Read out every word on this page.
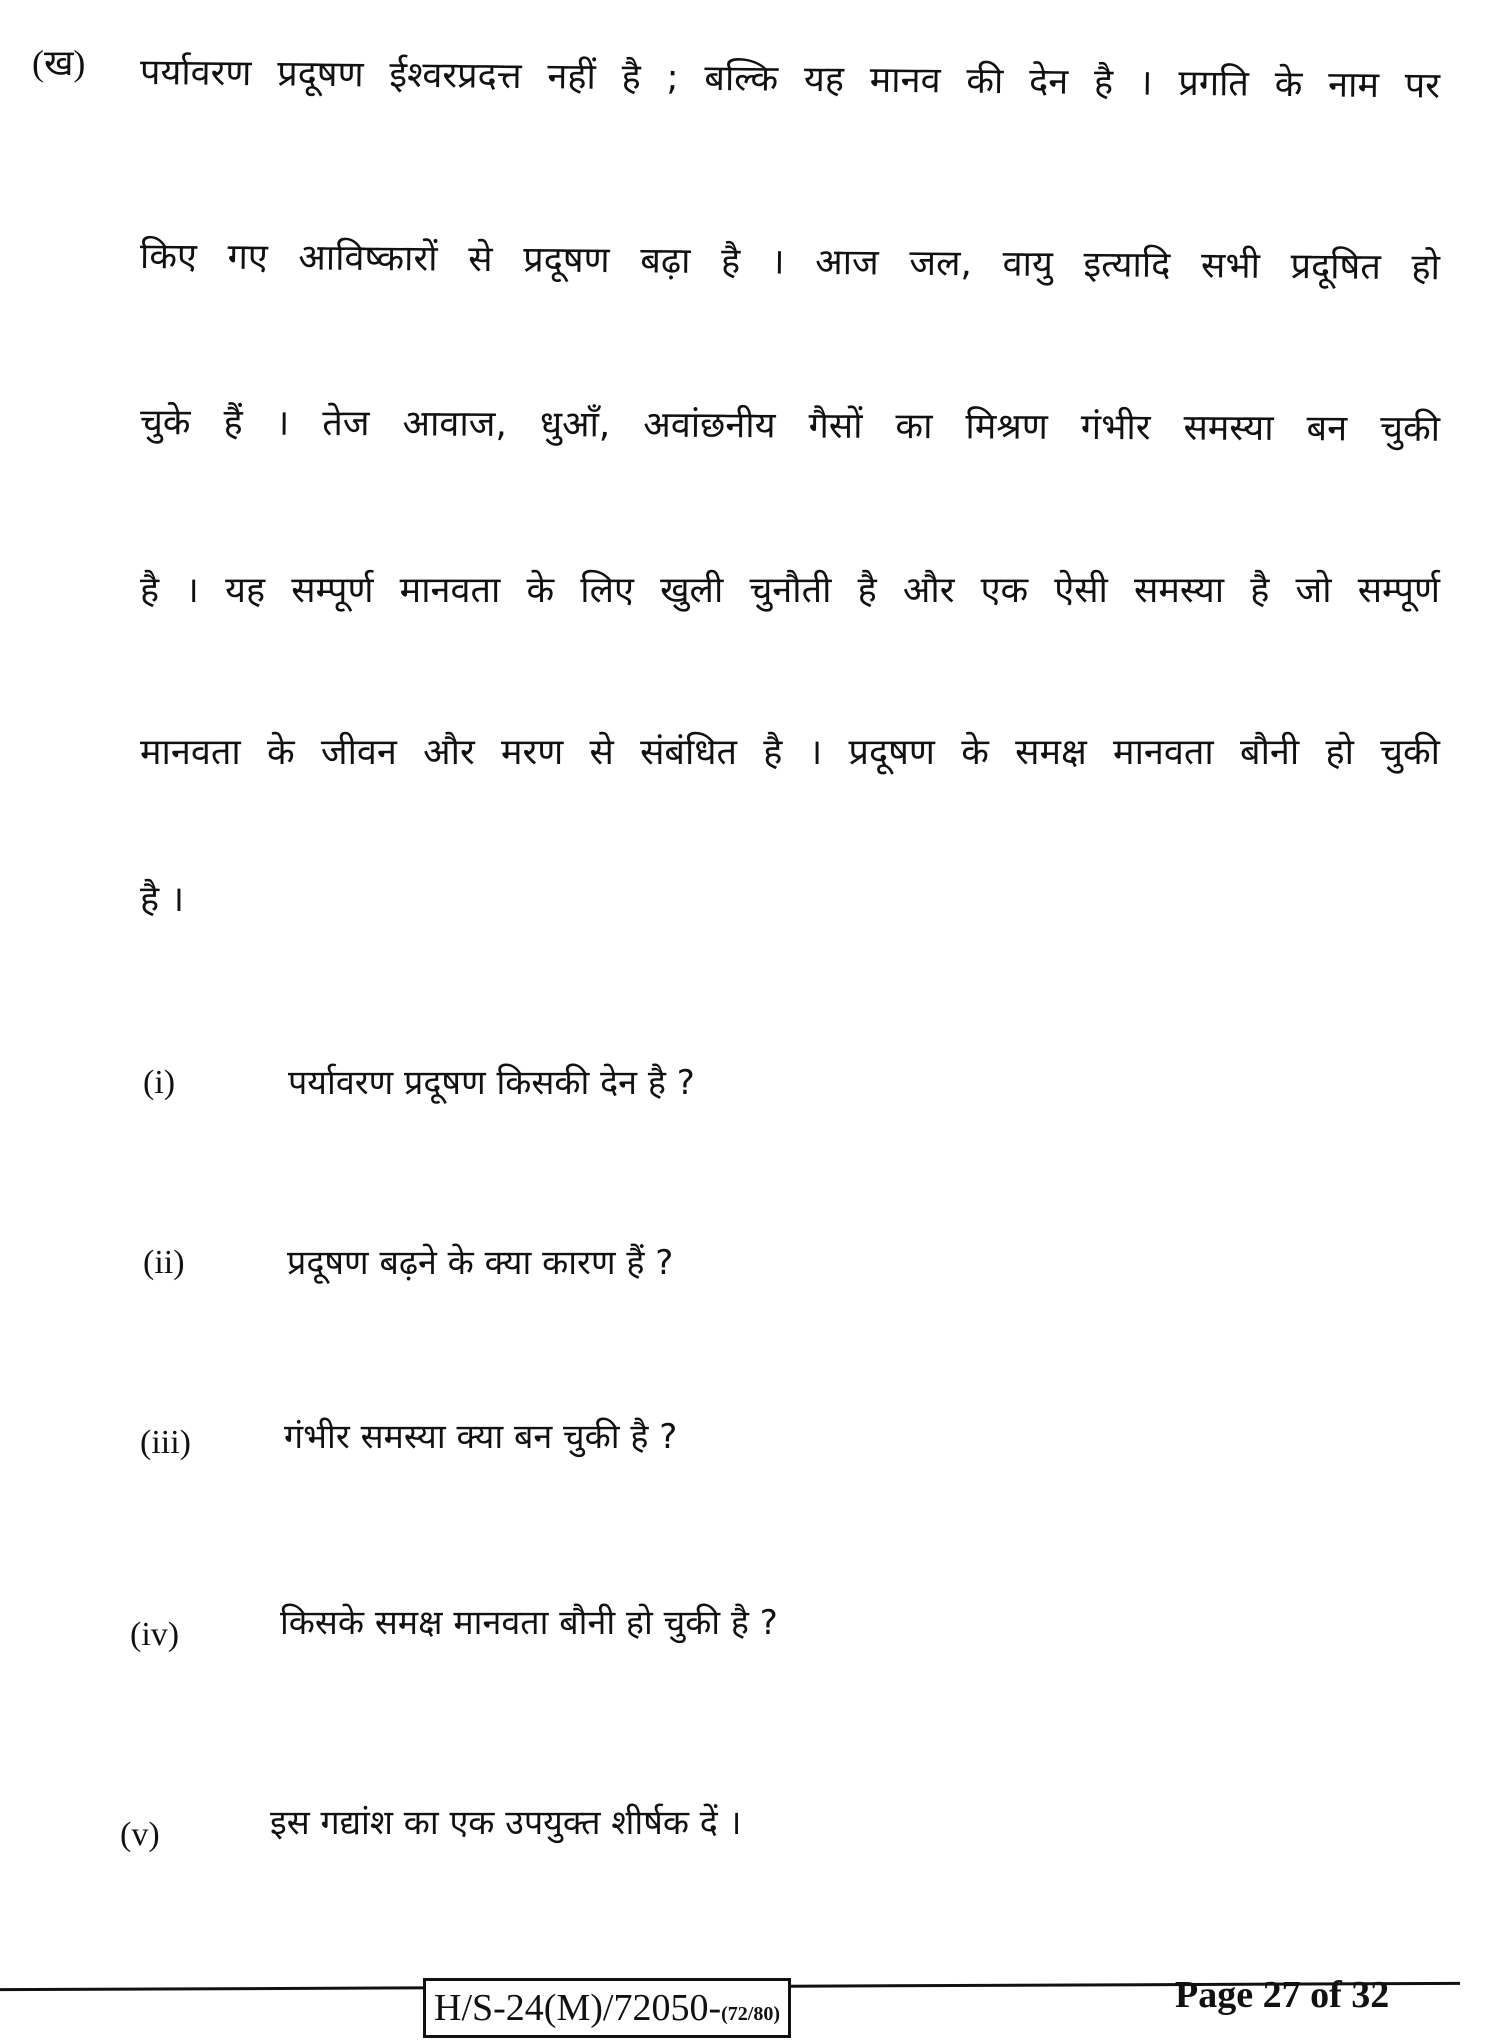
(ख) पर्यावरण प्रदूषण ईश्वरप्रदत्त नहीं है ; बल्कि यह मानव की देन है । प्रगति के नाम पर
किए गए आविष्कारों से प्रदूषण बढ़ा है । आज जल, वायु इत्यादि सभी प्रदूषित हो
चुके हैं । तेज आवाज, धुआँ, अवांछनीय गैसों का मिश्रण गंभीर समस्या बन चुकी
है । यह सम्पूर्ण मानवता के लिए खुली चुनौती है और एक ऐसी समस्या है जो सम्पूर्ण
मानवता के जीवन और मरण से संबंधित है । प्रदूषण के समक्ष मानवता बौनी हो चुकी
है ।
(i)	पर्यावरण प्रदूषण किसकी देन है ?
(ii)	प्रदूषण बढ़ने के क्या कारण हैं ?
(iii)	गंभीर समस्या क्या बन चुकी है ?
(iv)	किसके समक्ष मानवता बौनी हो चुकी है ?
(v)	इस गद्यांश का एक उपयुक्त शीर्षक दें ।
H/S-24(M)/72050-(72/80)	Page 27 of 32
